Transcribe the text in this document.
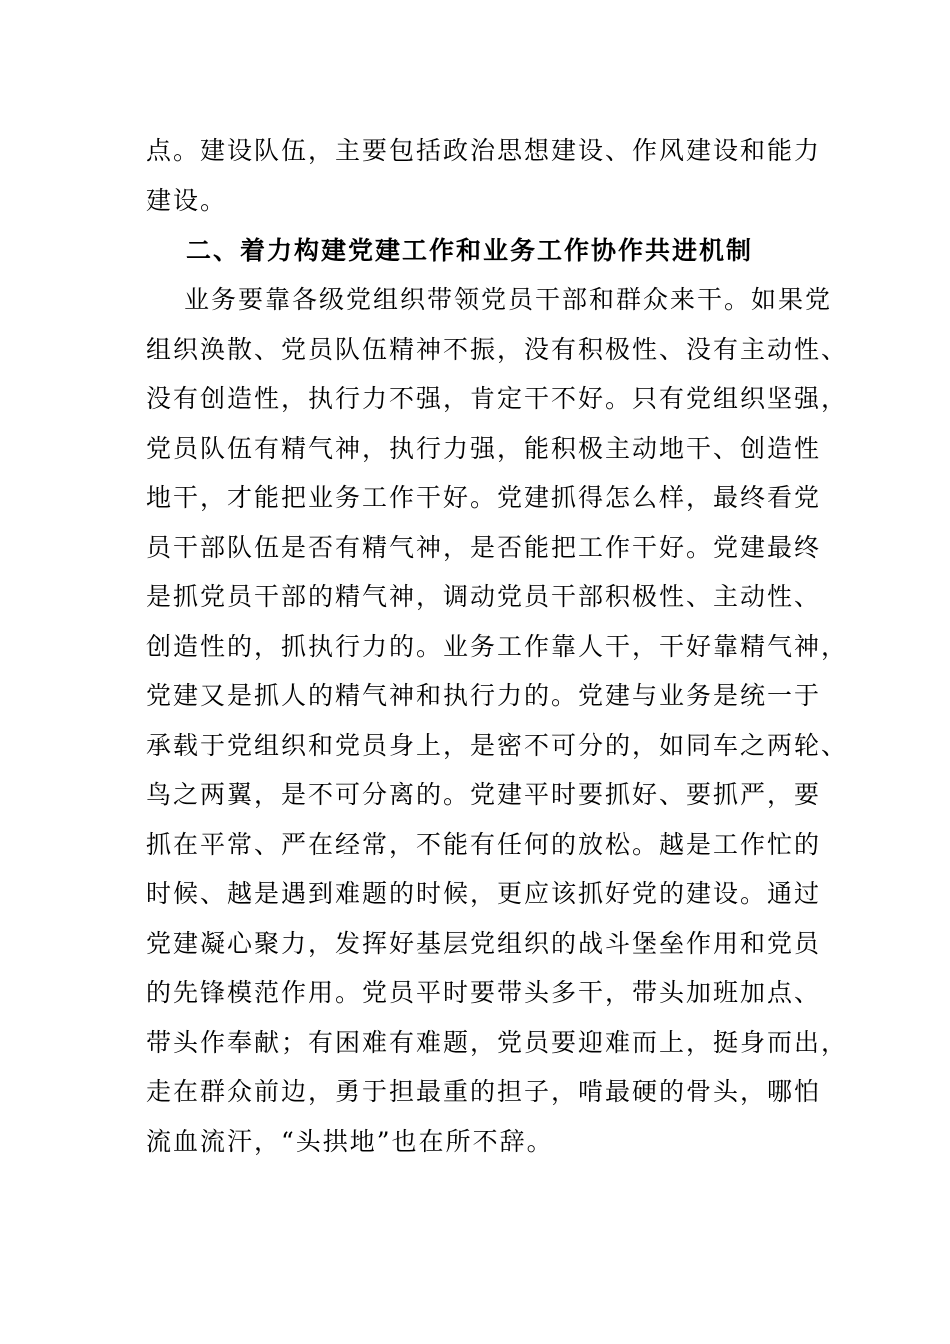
点。建设队伍，主要包括政治思想建设、作风建设和能力

建设。

二、着力构建党建工作和业务工作协作共进机制

业务要靠各级党组织带领党员干部和群众来干。如果党

组织涣散、党员队伍精神不振，没有积极性、没有主动性、

没有创造性，执行力不强，肯定干不好。只有党组织坚强，

党员队伍有精气神，执行力强，能积极主动地干、创造性

地干，才能把业务工作干好。党建抓得怎么样，最终看党

员干部队伍是否有精气神，是否能把工作干好。党建最终

是抓党员干部的精气神，调动党员干部积极性、主动性、

创造性的，抓执行力的。业务工作靠人干，干好靠精气神，

党建又是抓人的精气神和执行力的。党建与业务是统一于

承载于党组织和党员身上，是密不可分的，如同车之两轮、

鸟之两翼，是不可分离的。党建平时要抓好、要抓严，要

抓在平常、严在经常，不能有任何的放松。越是工作忙的

时候、越是遇到难题的时候，更应该抓好党的建设。通过

党建凝心聚力，发挥好基层党组织的战斗堡垒作用和党员

的先锋模范作用。党员平时要带头多干，带头加班加点、

带头作奉献；有困难有难题，党员要迎难而上，挺身而出，

走在群众前边，勇于担最重的担子，啃最硬的骨头，哪怕

流血流汗，“头拱地”也在所不辞。
